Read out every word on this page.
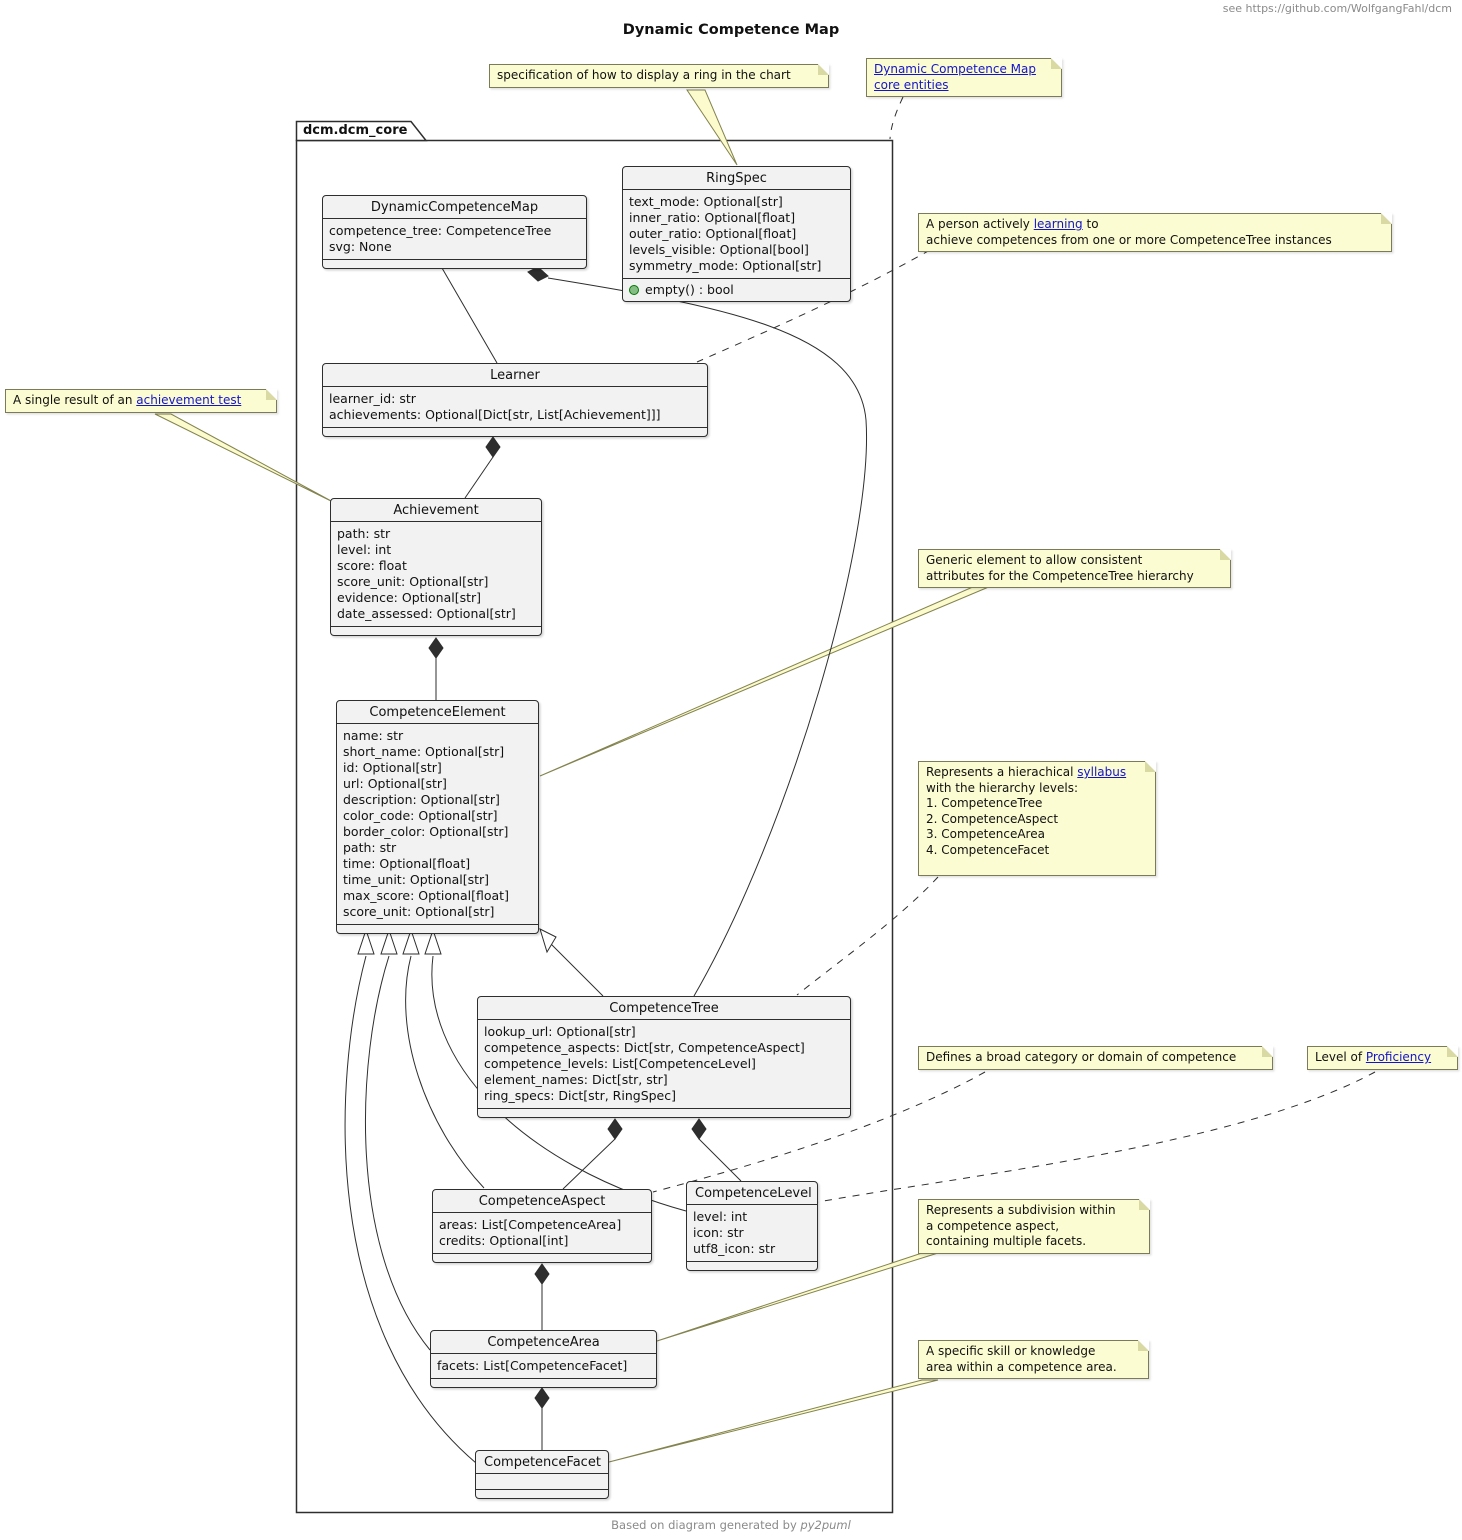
Dynamic Competence Map
see https://github.com/WolfgangFahl/dcm
dcm.dcm_core
DynamicCompetenceMap
competence_tree: CompetenceTree
svg: None
RingSpec
text_mode: Optional[str]
inner_ratio: Optional[float]
outer_ratio: Optional[float]
levels_visible: Optional[bool]
symmetry_mode: Optional[str]
empty() : bool
Learner
learner_id: str
achievements: Optional[Dict[str, List[Achievement]]]
Achievement
path: str
level: int
score: float
score_unit: Optional[str]
evidence: Optional[str]
date_assessed: Optional[str]
CompetenceElement
name: str
short_name: Optional[str]
id: Optional[str]
url: Optional[str]
description: Optional[str]
color_code: Optional[str]
border_color: Optional[str]
path: str
time: Optional[float]
time_unit: Optional[str]
max_score: Optional[float]
score_unit: Optional[str]
CompetenceTree
lookup_url: Optional[str]
competence_aspects: Dict[str, CompetenceAspect]
competence_levels: List[CompetenceLevel]
element_names: Dict[str, str]
ring_specs: Dict[str, RingSpec]
CompetenceAspect
areas: List[CompetenceArea]
credits: Optional[int]
CompetenceLevel
level: int
icon: str
utf8_icon: str
CompetenceArea
facets: List[CompetenceFacet]
CompetenceFacet
specification of how to display a ring in the chart	Dynamic Competence Map
core entities
A person actively learning to
achieve competences from one or more CompetenceTree instances
A single result of an achievement test
Generic element to allow consistent
attributes for the CompetenceTree hierarchy
Represents a hierachical syllabus
with the hierarchy levels:
1. CompetenceTree
2. CompetenceAspect
3. CompetenceArea
4. CompetenceFacet
Defines a broad category or domain of competence	Level of Proficiency
Represents a subdivision within
a competence aspect,
containing multiple facets.
A specific skill or knowledge
area within a competence area.
Based on diagram generated by py2puml
